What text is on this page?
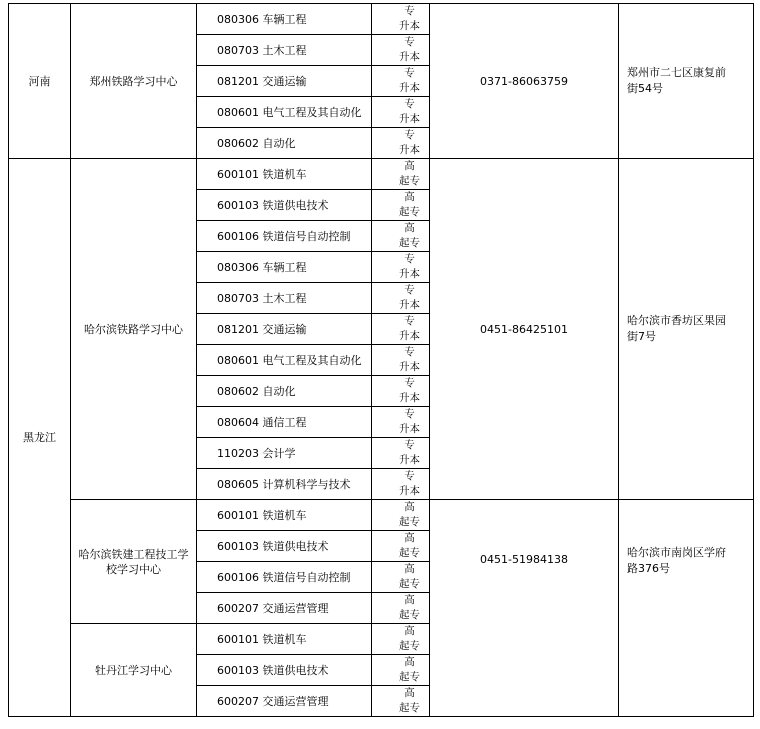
河南	郑州铁路学习中心	080306 车辆工程	专
升本	0371-86063759	郑州市二七区康复前
街54号

		080703 土木工程	专
升本		

		081201 交通运输	专
升本		

		080601 电气工程及其自动化	专
升本		

		080602 自动化	专
升本		

黑龙江	哈尔滨铁路学习中心	600101 铁道机车	高
起专	0451-86425101	哈尔滨市香坊区果园
街7号

		600103 铁道供电技术	高
起专		

		600106 铁道信号自动控制	高
起专		

		080306 车辆工程	专
升本		

		080703 土木工程	专
升本		

		081201 交通运输	专
升本		

		080601 电气工程及其自动化	专
升本		

		080602 自动化	专
升本		

		080604 通信工程	专
升本		

		110203 会计学	专
升本		

		080605 计算机科学与技术	专
升本		

	哈尔滨铁建工程技工学校学习中心	600101 铁道机车	高
起专	0451-51984138	哈尔滨市南岗区学府
路376号

		600103 铁道供电技术	高
起专		

		600106 铁道信号自动控制	高
起专		

		600207 交通运营管理	高
起专		

	牡丹江学习中心	600101 铁道机车	高
起专		

		600103 铁道供电技术	高
起专		

		600207 交通运营管理	高
起专		
